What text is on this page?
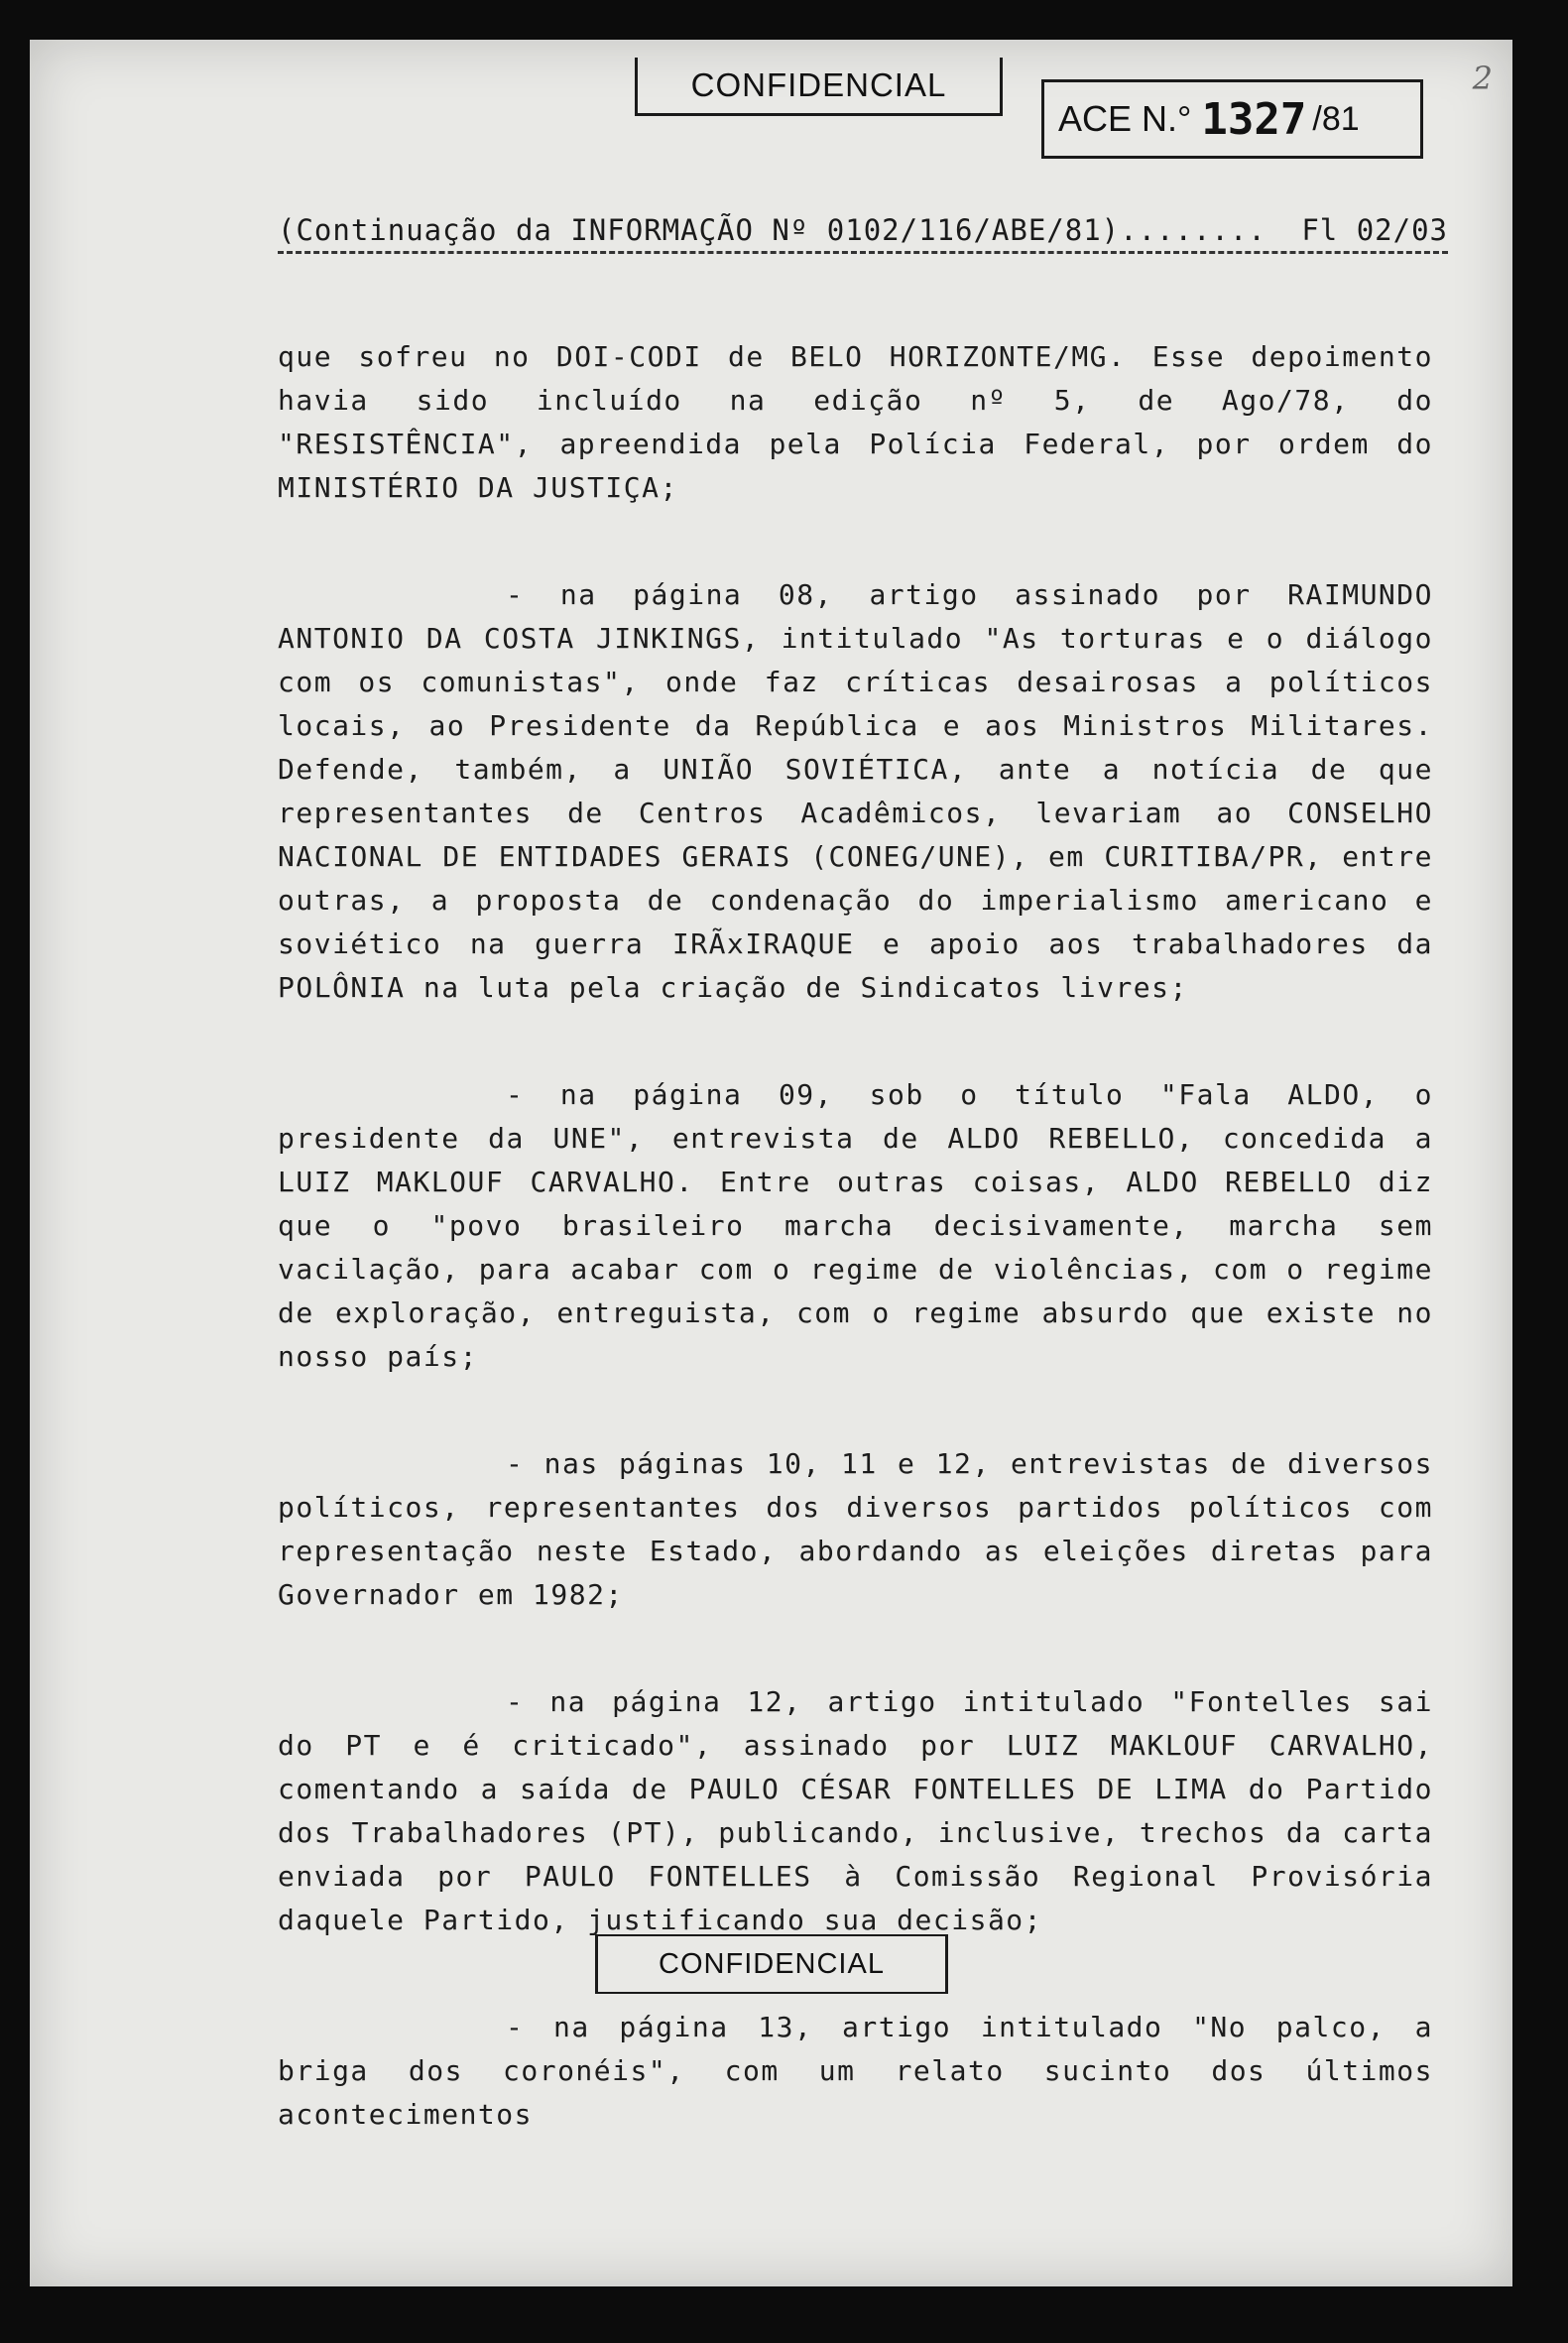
CONFIDENCIAL
ACE N.° 1327 /81
2
(Continuação da INFORMAÇÃO Nº 0102/116/ABE/81)........ Fl 02/03

que sofreu no DOI-CODI de BELO HORIZONTE/MG. Esse depoimento havia sido incluído na edição nº 5, de Ago/78, do "RESISTÊNCIA", apreendida pela Polícia Federal, por ordem do MINISTÉRIO DA JUSTIÇA;

- na página 08, artigo assinado por RAIMUNDO ANTONIO DA COSTA JINKINGS, intitulado "As torturas e o diálogo com os comunistas", onde faz críticas desairosas a políticos locais, ao Presidente da República e aos Ministros Militares. Defende, também, a UNIÃO SOVIÉTICA, ante a notícia de que representantes de Centros Acadêmicos, levariam ao CONSELHO NACIONAL DE ENTIDADES GERAIS (CONEG/UNE), em CURITIBA/PR, entre outras, a proposta de condenação do imperialismo americano e soviético na guerra IRÃxIRAQUE e apoio aos trabalhadores da POLÔNIA na luta pela criação de Sindicatos livres;

- na página 09, sob o título "Fala ALDO, o presidente da UNE", entrevista de ALDO REBELLO, concedida a LUIZ MAKLOUF CARVALHO. Entre outras coisas, ALDO REBELLO diz que o "povo brasileiro marcha decisivamente, marcha sem vacilação, para acabar com o regime de violências, com o regime de exploração, entreguista, com o regime absurdo que existe no nosso país;

- nas páginas 10, 11 e 12, entrevistas de diversos políticos, representantes dos diversos partidos políticos com representação neste Estado, abordando as eleições diretas para Governador em 1982;

- na página 12, artigo intitulado "Fontelles sai do PT e é criticado", assinado por LUIZ MAKLOUF CARVALHO, comentando a saída de PAULO CÉSAR FONTELLES DE LIMA do Partido dos Trabalhadores (PT), publicando, inclusive, trechos da carta enviada por PAULO FONTELLES à Comissão Regional Provisória daquele Partido, justificando sua decisão;

- na página 13, artigo intitulado "No palco, a briga dos coronéis", com um relato sucinto dos últimos acontecimentos

CONFIDENCIAL
